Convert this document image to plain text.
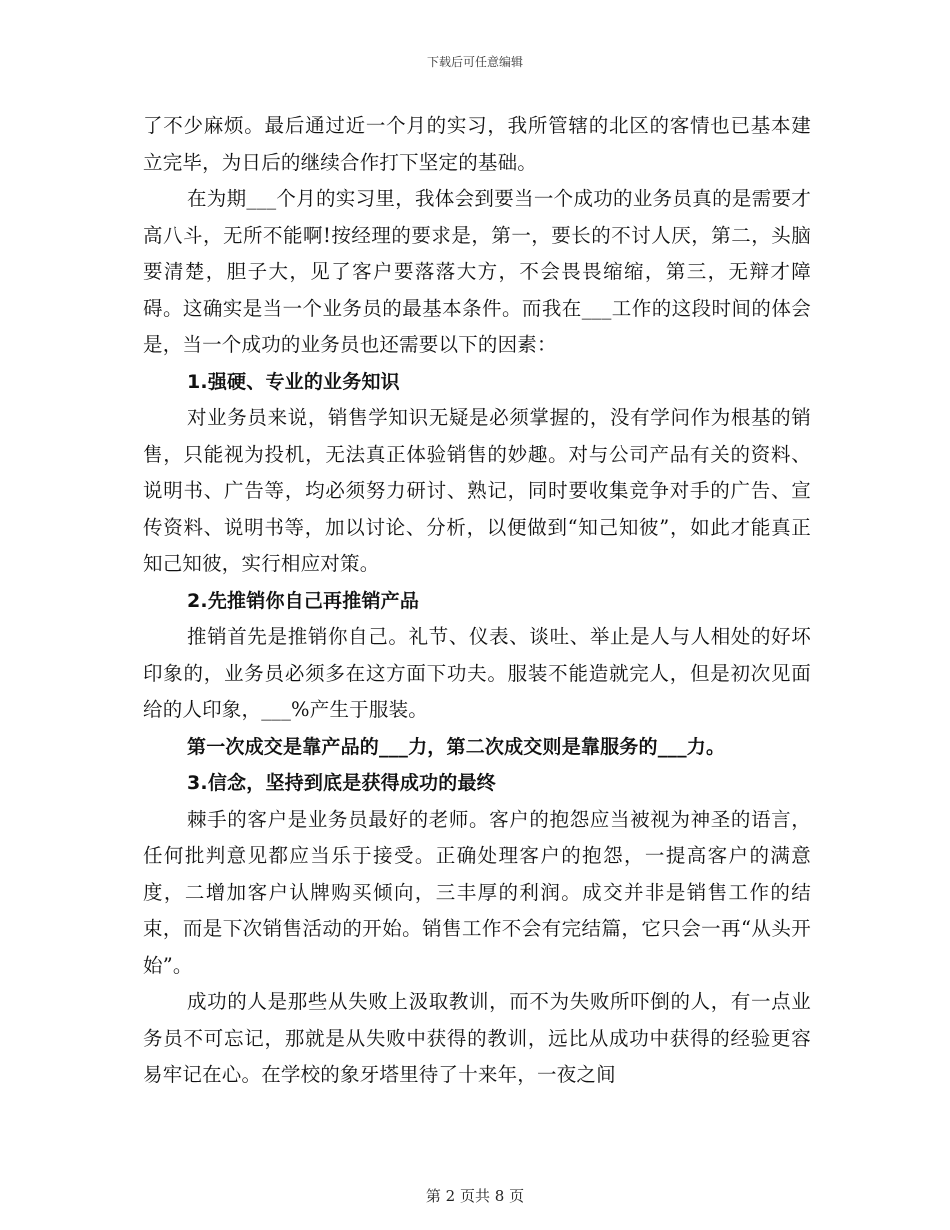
下载后可任意编辑

了不少麻烦。最后通过近一个月的实习，我所管辖的北区的客情也已基本建立完毕，为日后的继续合作打下坚定的基础。

在为期___个月的实习里，我体会到要当一个成功的业务员真的是需要才高八斗，无所不能啊!按经理的要求是，第一，要长的不讨人厌，第二，头脑要清楚，胆子大，见了客户要落落大方，不会畏畏缩缩，第三，无辩才障碍。这确实是当一个业务员的最基本条件。而我在___工作的这段时间的体会是，当一个成功的业务员也还需要以下的因素：

1.强硬、专业的业务知识

对业务员来说，销售学知识无疑是必须掌握的，没有学问作为根基的销售，只能视为投机，无法真正体验销售的妙趣。对与公司产品有关的资料、说明书、广告等，均必须努力研讨、熟记，同时要收集竞争对手的广告、宣传资料、说明书等，加以讨论、分析，以便做到“知己知彼”，如此才能真正知己知彼，实行相应对策。

2.先推销你自己再推销产品

推销首先是推销你自己。礼节、仪表、谈吐、举止是人与人相处的好坏印象的，业务员必须多在这方面下功夫。服装不能造就完人，但是初次见面给的人印象，___%产生于服装。

第一次成交是靠产品的___力，第二次成交则是靠服务的___力。

3.信念，坚持到底是获得成功的最终

棘手的客户是业务员最好的老师。客户的抱怨应当被视为神圣的语言，任何批判意见都应当乐于接受。正确处理客户的抱怨，一提高客户的满意度，二增加客户认牌购买倾向，三丰厚的利润。成交并非是销售工作的结束，而是下次销售活动的开始。销售工作不会有完结篇，它只会一再“从头开始”。

成功的人是那些从失败上汲取教训，而不为失败所吓倒的人，有一点业务员不可忘记，那就是从失败中获得的教训，远比从成功中获得的经验更容易牢记在心。在学校的象牙塔里待了十来年，一夜之间

第 2 页共 8 页
